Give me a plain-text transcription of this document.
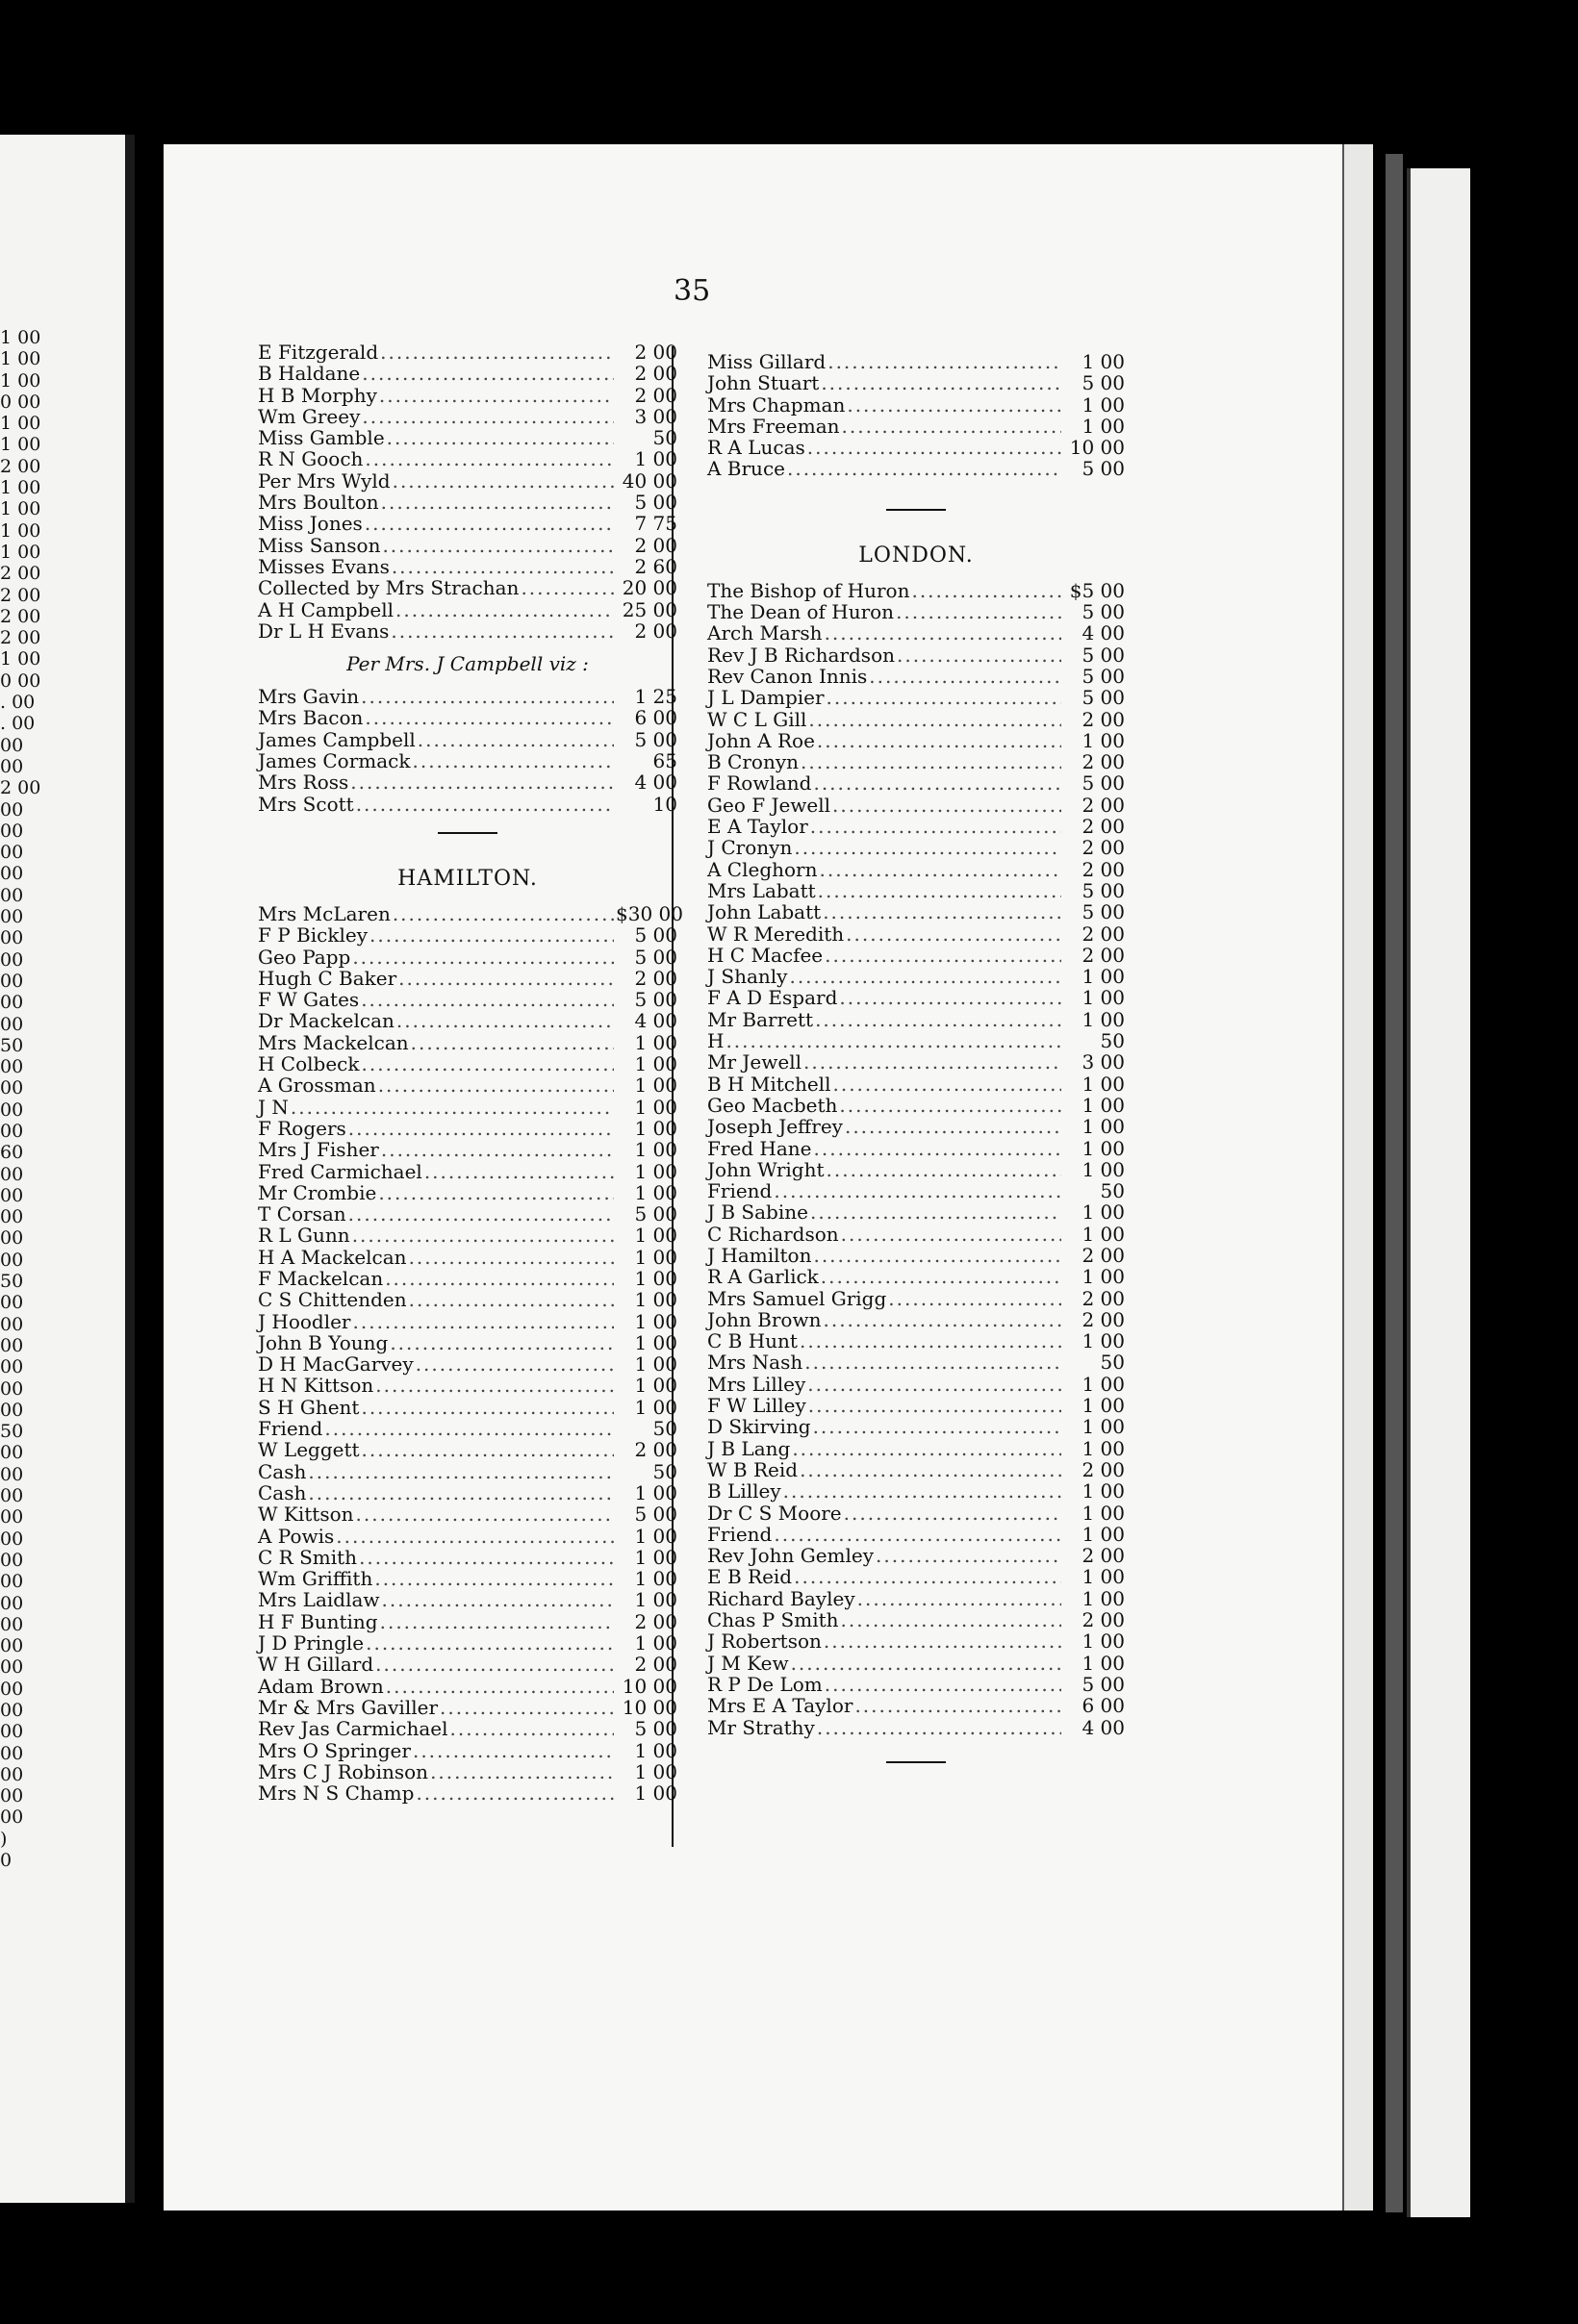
1 00
1 00
1 00
0 00
1 00
1 00
2 00
1 00
1 00
1 00
1 00
2 00
2 00
2 00
2 00
1 00
0 00
. 00
. 00
00
00
2 00
00
00
00
00
00
00
00
00
00
00
00
50
00
00
00
00
60
00
00
00
00
00
50
00
00
00
00
00
00
50
00
00
00
00
00
00
00
00
00
00
00
00
00
00
00
00
00
00
)
0
35
E Fitzgerald .....	2 00
B Haldane .....	2 00
H B Morphy .....	2 00
Wm Greey .....	3 00
Miss Gamble .....	50
R N Gooch .....	1 00
Per Mrs Wyld .....	40 00
Mrs Boulton .....	5 00
Miss Jones .....	7 75
Miss Sanson .....	2 00
Misses Evans .....	2 60
Collected by Mrs Strachan .....	20 00
A H Campbell .....	25 00
Dr L H Evans .....	2 00
Per Mrs. J Campbell viz :
Mrs Gavin .....	1 25
Mrs Bacon .....	6 00
James Campbell .....	5 00
James Cormack .....	65
Mrs Ross .....	4 00
Mrs Scott .....	10
HAMILTON.
Mrs McLaren .....	$30 00
F P Bickley .....	5 00
Geo Papp .....	5 00
Hugh C Baker .....	2 00
F W Gates .....	5 00
Dr Mackelcan .....	4 00
Mrs Mackelcan .....	1 00
H Colbeck .....	1 00
A Grossman .....	1 00
J N .....	1 00
F Rogers .....	1 00
Mrs J Fisher .....	1 00
Fred Carmichael .....	1 00
Mr Crombie .....	1 00
T Corsan .....	5 00
R L Gunn .....	1 00
H A Mackelcan .....	1 00
F Mackelcan .....	1 00
C S Chittenden .....	1 00
J Hoodler .....	1 00
John B Young .....	1 00
D H MacGarvey .....	1 00
H N Kittson .....	1 00
S H Ghent .....	1 00
Friend .....	50
W Leggett .....	2 00
Cash .....	50
Cash .....	1 00
W Kittson .....	5 00
A Powis .....	1 00
C R Smith .....	1 00
Wm Griffith .....	1 00
Mrs Laidlaw .....	1 00
H F Bunting .....	2 00
J D Pringle .....	1 00
W H Gillard .....	2 00
Adam Brown .....	10 00
Mr & Mrs Gaviller .....	10 00
Rev Jas Carmichael .....	5 00
Mrs O Springer .....	1 00
Mrs C J Robinson .....	1 00
Mrs N S Champ .....	1 00
Miss Gillard .....	1 00
John Stuart .....	5 00
Mrs Chapman .....	1 00
Mrs Freeman .....	1 00
R A Lucas .....	10 00
A Bruce .....	5 00
LONDON.
The Bishop of Huron .....	$5 00
The Dean of Huron .....	5 00
Arch Marsh .....	4 00
Rev J B Richardson .....	5 00
Rev Canon Innis .....	5 00
J L Dampier .....	5 00
W C L Gill .....	2 00
John A Roe .....	1 00
B Cronyn .....	2 00
F Rowland .....	5 00
Geo F Jewell .....	2 00
E A Taylor .....	2 00
J Cronyn .....	2 00
A Cleghorn .....	2 00
Mrs Labatt .....	5 00
John Labatt .....	5 00
W R Meredith .....	2 00
H C Macfee .....	2 00
J Shanly .....	1 00
F A D Espard .....	1 00
Mr Barrett .....	1 00
H .....	50
Mr Jewell .....	3 00
B H Mitchell .....	1 00
Geo Macbeth .....	1 00
Joseph Jeffrey .....	1 00
Fred Hane .....	1 00
John Wright .....	1 00
Friend .....	50
J B Sabine .....	1 00
C Richardson .....	1 00
J Hamilton .....	2 00
R A Garlick .....	1 00
Mrs Samuel Grigg .....	2 00
John Brown .....	2 00
C B Hunt .....	1 00
Mrs Nash .....	50
Mrs Lilley .....	1 00
F W Lilley .....	1 00
D Skirving .....	1 00
J B Lang .....	1 00
W B Reid .....	2 00
B Lilley .....	1 00
Dr C S Moore .....	1 00
Friend .....	1 00
Rev John Gemley .....	2 00
E B Reid .....	1 00
Richard Bayley .....	1 00
Chas P Smith .....	2 00
J Robertson .....	1 00
J M Kew .....	1 00
R P De Lom .....	5 00
Mrs E A Taylor .....	6 00
Mr Strathy .....	4 00
